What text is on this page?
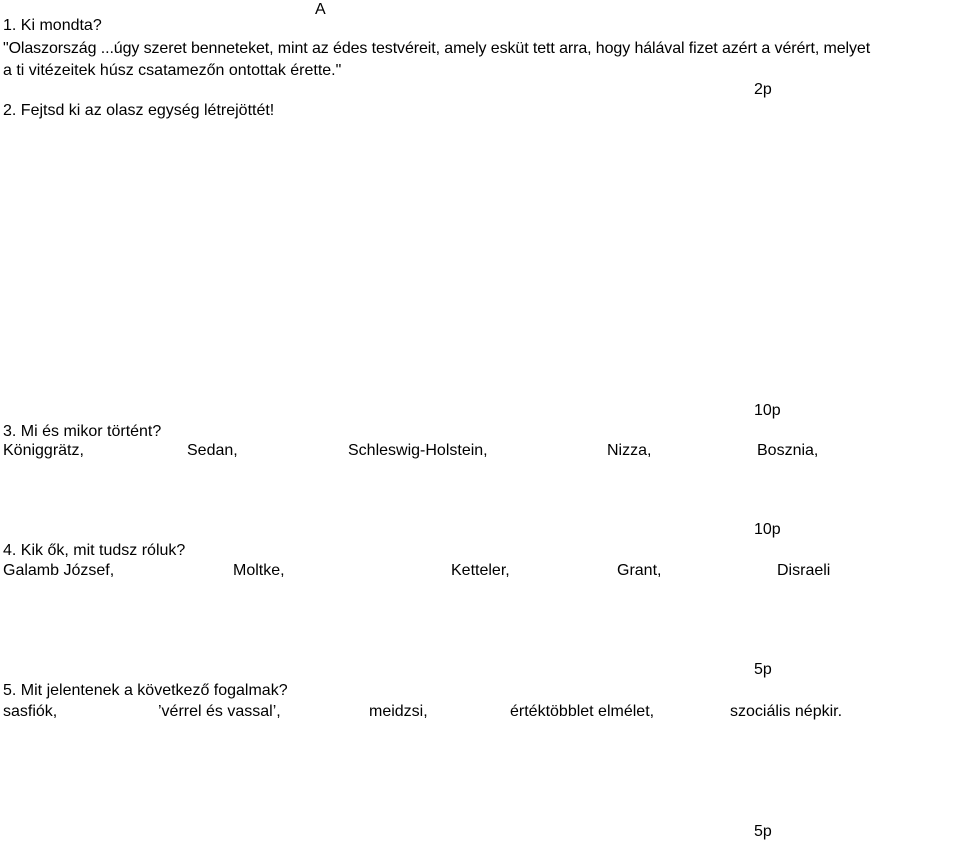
A

1. Ki mondta?

"Olaszország ...úgy szeret benneteket, mint az édes testvéreit, amely esküt tett arra, hogy hálával fizet azért a vérért, melyet

a ti vitézeitek húsz csatamezőn ontottak érette."

2p

2. Fejtsd ki az olasz egység létrejöttét!

10p

3. Mi és mikor történt?

Königgrätz,	Sedan,	Schleswig-Holstein,	Nizza,	Bosznia,

10p

4. Kik ők, mit tudsz róluk?

Galamb József,	Moltke,	Ketteler,	Grant,	Disraeli

5p

5. Mit jelentenek a következő fogalmak?

sasfiók,	’vérrel és vassal’,	meidzsi,	értéktöbblet elmélet,	szociális népkir.

5p
